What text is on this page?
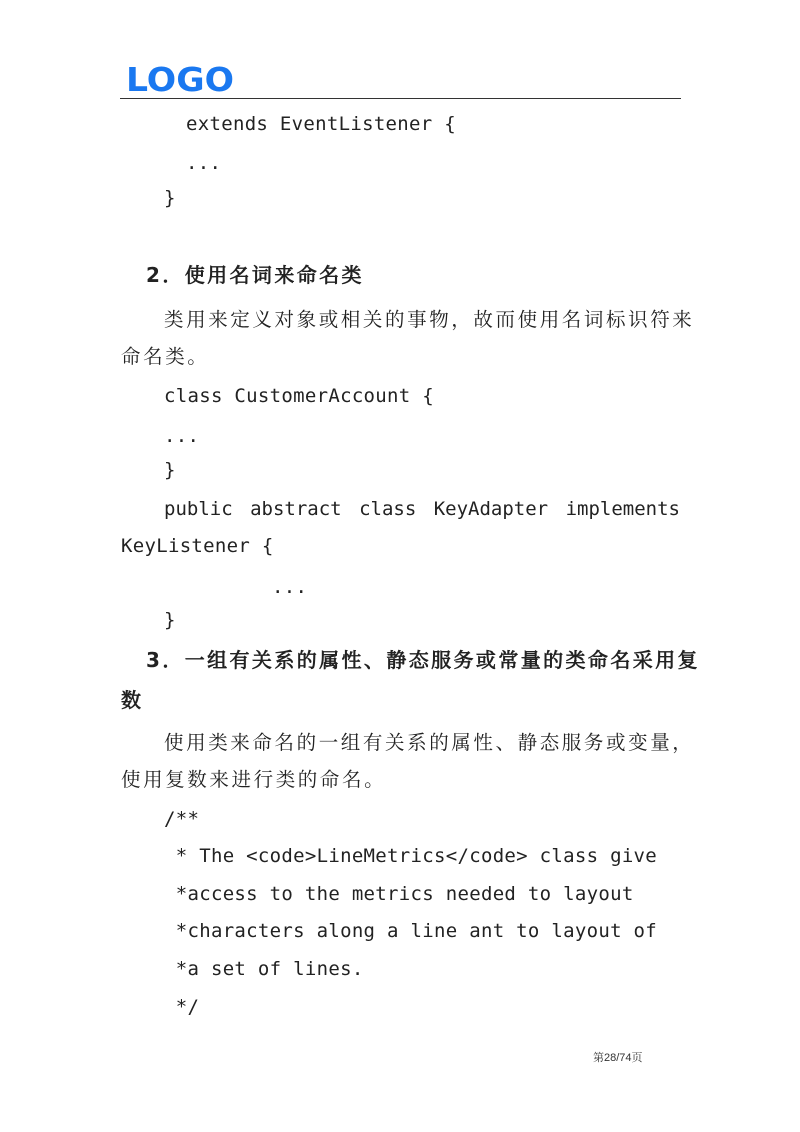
LOGO
extends EventListener {
...
}
2．使用名词来命名类
类用来定义对象或相关的事物，故而使用名词标识符来
命名类。
class CustomerAccount {
...
}
public abstract class KeyAdapter implements
KeyListener {
...
}
3．一组有关系的属性、静态服务或常量的类命名采用复
数
使用类来命名的一组有关系的属性、静态服务或变量，
使用复数来进行类的命名。
/**
* The <code>LineMetrics</code> class give
*access to the metrics needed to layout
*characters along a line ant to layout of
*a set of lines.
*/
第28/74页
